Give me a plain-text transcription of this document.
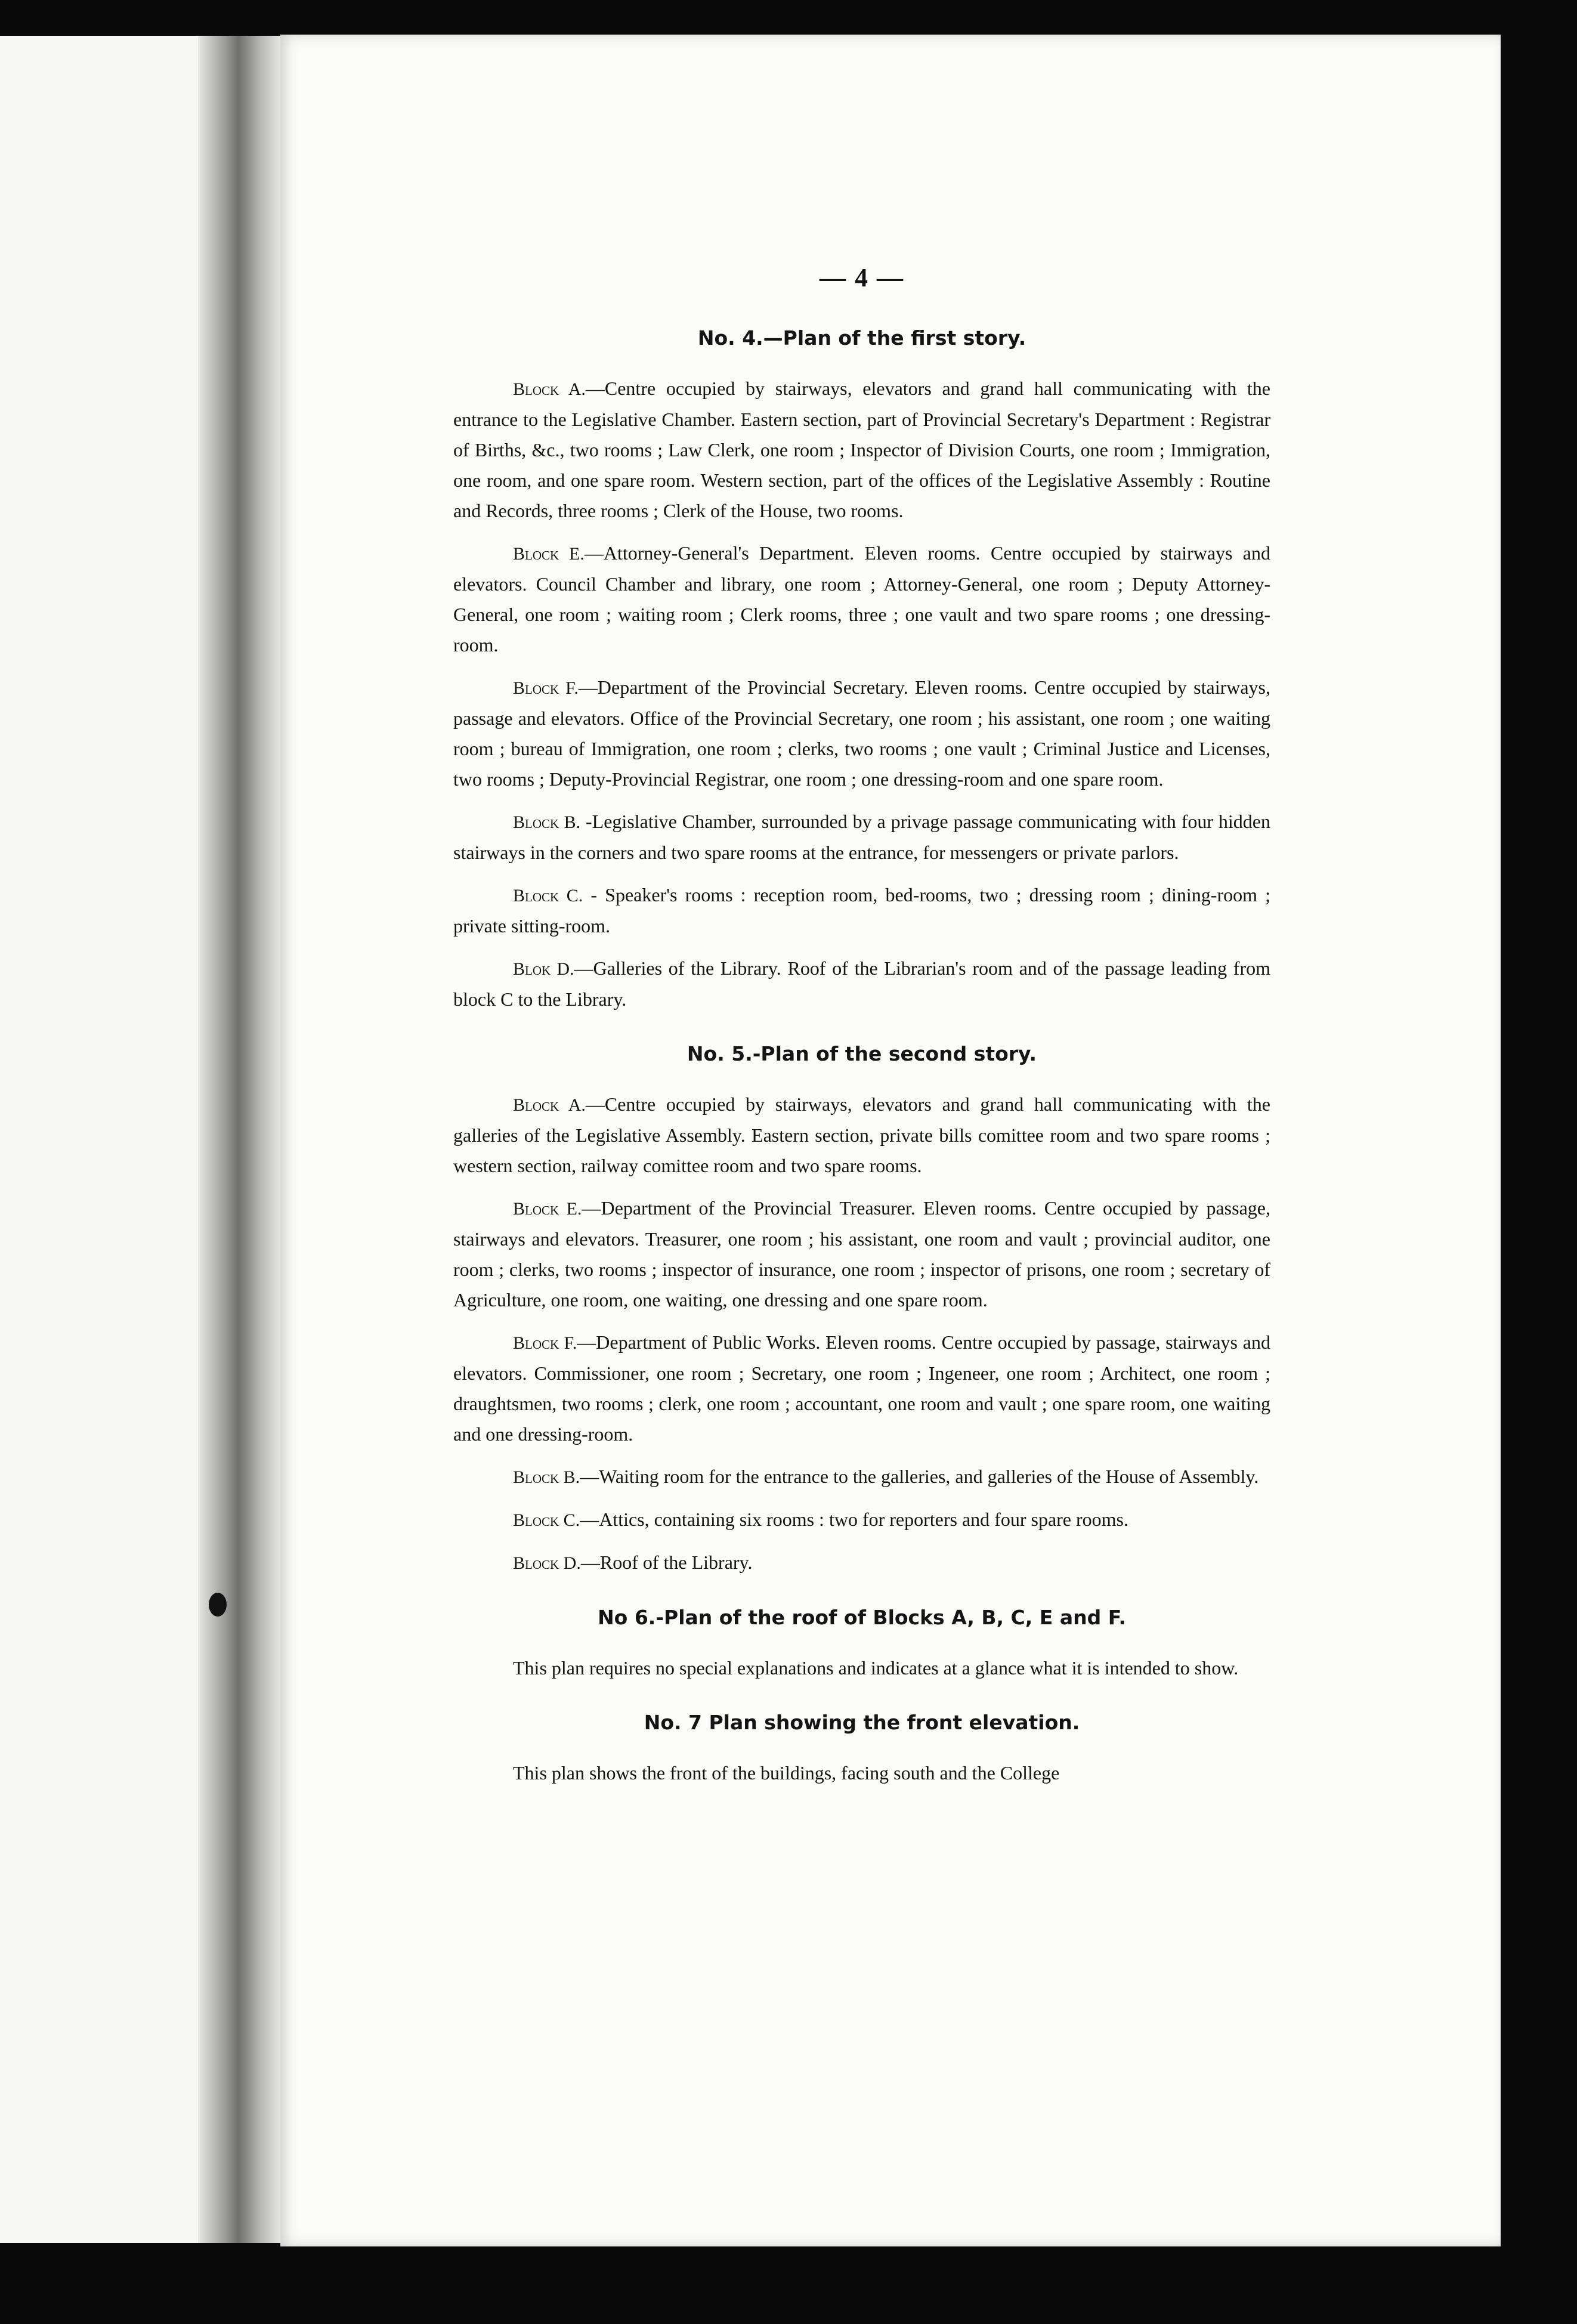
— 4 —
No. 4.—Plan of the first story.

Block A.—Centre occupied by stairways, elevators and grand hall communicating with the entrance to the Legislative Chamber. Eastern section, part of Provincial Secretary's Department : Registrar of Births, &c., two rooms ; Law Clerk, one room ; Inspector of Division Courts, one room ; Immigration, one room, and one spare room. Western section, part of the offices of the Legislative Assembly : Routine and Records, three rooms ; Clerk of the House, two rooms.

Block E.—Attorney-General's Department. Eleven rooms. Centre occupied by stairways and elevators. Council Chamber and library, one room ; Attorney-General, one room ; Deputy Attorney-General, one room ; waiting room ; Clerk rooms, three ; one vault and two spare rooms ; one dressing-room.

Block F.—Department of the Provincial Secretary. Eleven rooms. Centre occupied by stairways, passage and elevators. Office of the Provincial Secretary, one room ; his assistant, one room ; one waiting room ; bureau of Immigration, one room ; clerks, two rooms ; one vault ; Criminal Justice and Licenses, two rooms ; Deputy-Provincial Registrar, one room ; one dressing-room and one spare room.

Block B. -Legislative Chamber, surrounded by a privage passage communicating with four hidden stairways in the corners and two spare rooms at the entrance, for messengers or private parlors.

Block C. - Speaker's rooms : reception room, bed-rooms, two ; dressing room ; dining-room ; private sitting-room.

Blok D.—Galleries of the Library. Roof of the Librarian's room and of the passage leading from block C to the Library.

No. 5.-Plan of the second story.

Block A.—Centre occupied by stairways, elevators and grand hall communicating with the galleries of the Legislative Assembly. Eastern section, private bills comittee room and two spare rooms ; western section, railway comittee room and two spare rooms.

Block E.—Department of the Provincial Treasurer. Eleven rooms. Centre occupied by passage, stairways and elevators. Treasurer, one room ; his assistant, one room and vault ; provincial auditor, one room ; clerks, two rooms ; inspector of insurance, one room ; inspector of prisons, one room ; secretary of Agriculture, one room, one waiting, one dressing and one spare room.

Block F.—Department of Public Works. Eleven rooms. Centre occupied by passage, stairways and elevators. Commissioner, one room ; Secretary, one room ; Ingeneer, one room ; Architect, one room ; draughtsmen, two rooms ; clerk, one room ; accountant, one room and vault ; one spare room, one waiting and one dressing-room.

Block B.—Waiting room for the entrance to the galleries, and galleries of the House of Assembly.

Block C.—Attics, containing six rooms : two for reporters and four spare rooms.

Block D.—Roof of the Library.

No 6.-Plan of the roof of Blocks A, B, C, E and F.

This plan requires no special explanations and indicates at a glance what it is intended to show.

No. 7 Plan showing the front elevation.

This plan shows the front of the buildings, facing south and the College
